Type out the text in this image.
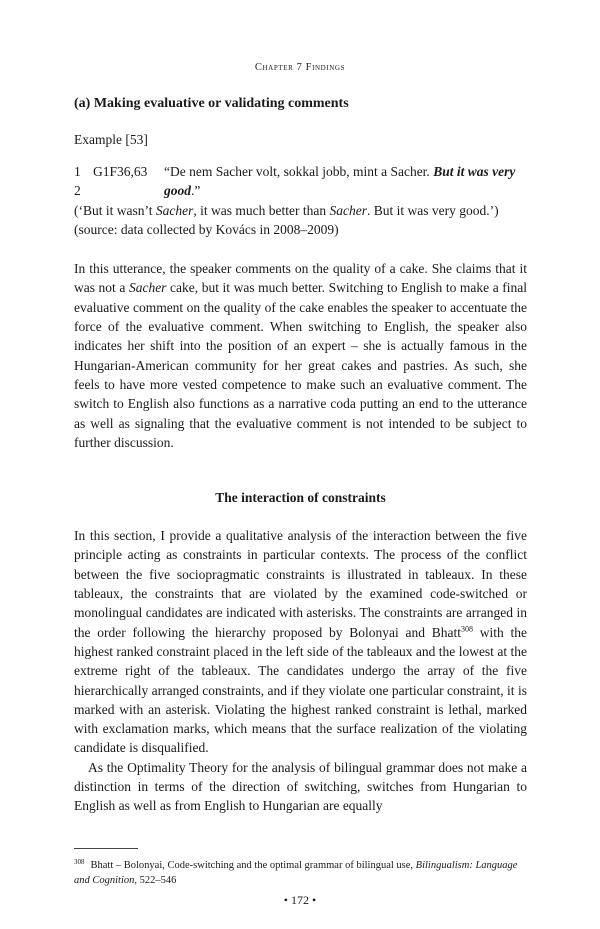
Chapter 7 Findings

(a) Making evaluative or validating comments

Example [53]

1 G1F36,63	“De nem Sacher volt, sokkal jobb, mint a Sacher. But it was very
2	good.”
(‘But it wasn’t Sacher, it was much better than Sacher. But it was very good.’)
(source: data collected by Kovács in 2008–2009)

In this utterance, the speaker comments on the quality of a cake. She claims that it was not a Sacher cake, but it was much better. Switching to English to make a final evaluative comment on the quality of the cake enables the speaker to accentuate the force of the evaluative comment. When switching to English, the speaker also indicates her shift into the position of an expert – she is actually famous in the Hungarian-American community for her great cakes and pastries. As such, she feels to have more vested competence to make such an evaluative comment. The switch to English also functions as a narrative coda putting an end to the utterance as well as signaling that the evaluative comment is not intended to be subject to further discussion.

The interaction of constraints

In this section, I provide a qualitative analysis of the interaction between the five principle acting as constraints in particular contexts. The process of the conflict between the five sociopragmatic constraints is illustrated in tableaux. In these tableaux, the constraints that are violated by the examined code-switched or monolingual candidates are indicated with asterisks. The constraints are arranged in the order following the hierarchy proposed by Bolonyai and Bhatt$^{308}$ with the highest ranked constraint placed in the left side of the tableaux and the lowest at the extreme right of the tableaux. The candidates undergo the array of the five hierarchically arranged constraints, and if they violate one particular constraint, it is marked with an asterisk. Violating the highest ranked constraint is lethal, marked with exclamation marks, which means that the surface realization of the violating candidate is disqualified.

As the Optimality Theory for the analysis of bilingual grammar does not make a distinction in terms of the direction of switching, switches from Hungarian to English as well as from English to Hungarian are equally

$^{308}$ Bhatt – Bolonyai, Code-switching and the optimal grammar of bilingual use, Bilingualism: Language and Cognition, 522–546
• 172 •
